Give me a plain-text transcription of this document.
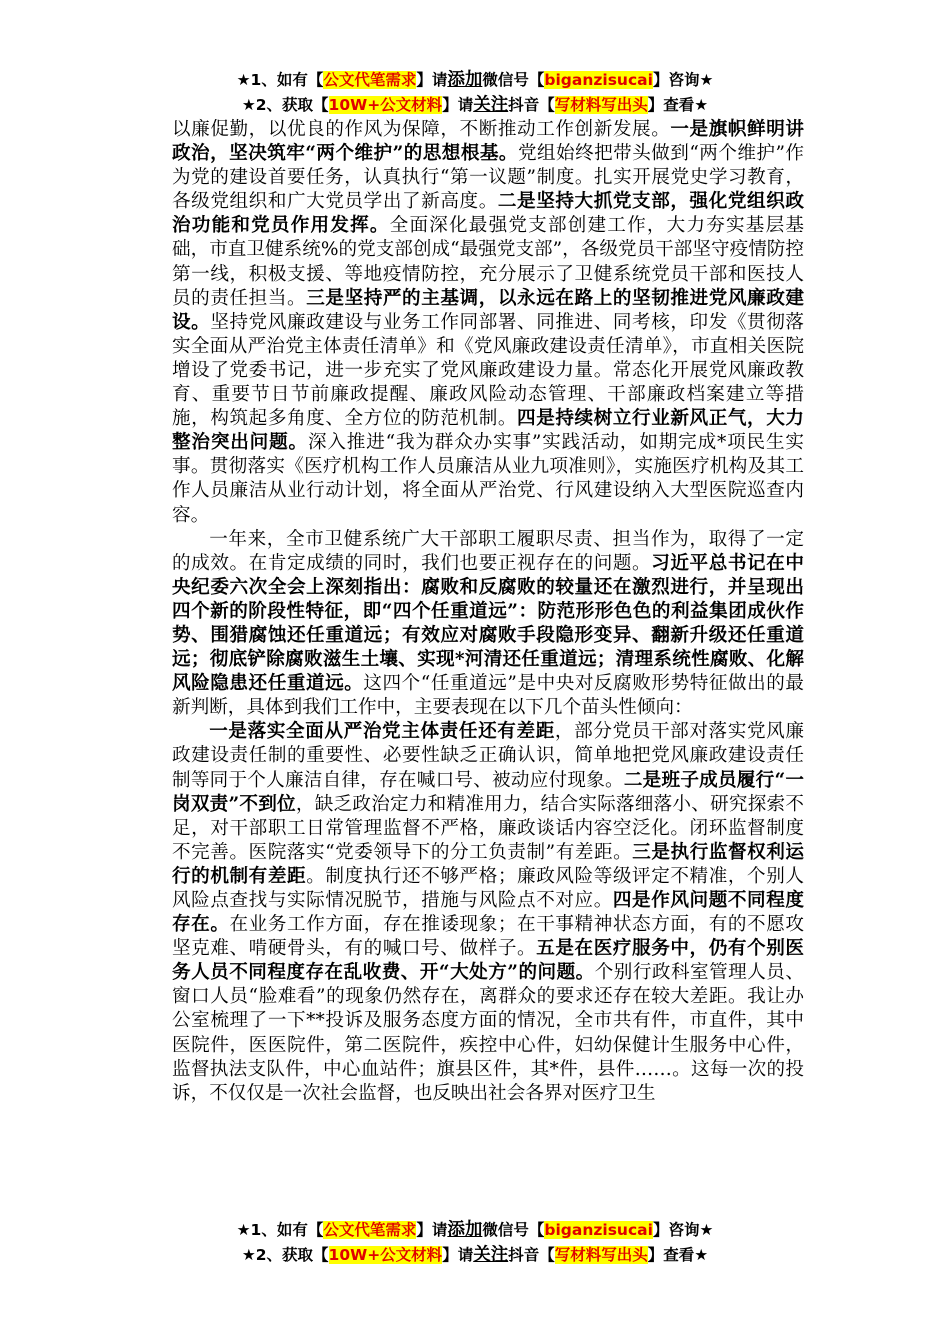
★1、如有【公文代笔需求】请添加微信号【biganzisucai】咨询★
★2、获取【10W+公文材料】请关注抖音【写材料写出头】查看★

以廉促勤，以优良的作风为保障，不断推动工作创新发展。一是旗帜鲜明讲政治，坚决筑牢“两个维护”的思想根基。党组始终把带头做到“两个维护”作为党的建设首要任务，认真执行“第一议题”制度。扎实开展党史学习教育，各级党组织和广大党员学出了新高度。二是坚持大抓党支部，强化党组织政治功能和党员作用发挥。全面深化最强党支部创建工作，大力夯实基层基础，市直卫健系统%的党支部创成“最强党支部”，各级党员干部坚守疫情防控第一线，积极支援、等地疫情防控，充分展示了卫健系统党员干部和医技人员的责任担当。三是坚持严的主基调，以永远在路上的坚韧推进党风廉政建设。坚持党风廉政建设与业务工作同部署、同推进、同考核，印发《贯彻落实全面从严治党主体责任清单》和《党风廉政建设责任清单》，市直相关医院增设了党委书记，进一步充实了党风廉政建设力量。常态化开展党风廉政教育、重要节日节前廉政提醒、廉政风险动态管理、干部廉政档案建立等措施，构筑起多角度、全方位的防范机制。四是持续树立行业新风正气，大力整治突出问题。深入推进“我为群众办实事”实践活动，如期完成*项民生实事。贯彻落实《医疗机构工作人员廉洁从业九项准则》，实施医疗机构及其工作人员廉洁从业行动计划，将全面从严治党、行风建设纳入大型医院巡查内容。

一年来，全市卫健系统广大干部职工履职尽责、担当作为，取得了一定的成效。在肯定成绩的同时，我们也要正视存在的问题。习近平总书记在中央纪委六次全会上深刻指出：腐败和反腐败的较量还在激烈进行，并呈现出四个新的阶段性特征，即“四个任重道远”：防范形形色色的利益集团成伙作势、围猎腐蚀还任重道远；有效应对腐败手段隐形变异、翻新升级还任重道远；彻底铲除腐败滋生土壤、实现*河清还任重道远；清理系统性腐败、化解风险隐患还任重道远。这四个“任重道远”是中央对反腐败形势特征做出的最新判断，具体到我们工作中，主要表现在以下几个苗头性倾向：

一是落实全面从严治党主体责任还有差距，部分党员干部对落实党风廉政建设责任制的重要性、必要性缺乏正确认识，简单地把党风廉政建设责任制等同于个人廉洁自律，存在喊口号、被动应付现象。二是班子成员履行“一岗双责”不到位，缺乏政治定力和精准用力，结合实际落细落小、研究探索不足，对干部职工日常管理监督不严格，廉政谈话内容空泛化。闭环监督制度不完善。医院落实“党委领导下的分工负责制”有差距。三是执行监督权利运行的机制有差距。制度执行还不够严格；廉政风险等级评定不精准，个别人风险点查找与实际情况脱节，措施与风险点不对应。四是作风问题不同程度存在。在业务工作方面，存在推诿现象；在干事精神状态方面，有的不愿攻坚克难、啃硬骨头，有的喊口号、做样子。五是在医疗服务中，仍有个别医务人员不同程度存在乱收费、开“大处方”的问题。个别行政科室管理人员、窗口人员“脸难看”的现象仍然存在，离群众的要求还存在较大差距。我让办公室梳理了一下**投诉及服务态度方面的情况，全市共有件，市直件，其中医院件，医医院件，第二医院件，疾控中心件，妇幼保健计生服务中心件，监督执法支队件，中心血站件；旗县区件，其*件，县件……。这每一次的投诉，不仅仅是一次社会监督，也反映出社会各界对医疗卫生

★1、如有【公文代笔需求】请添加微信号【biganzisucai】咨询★
★2、获取【10W+公文材料】请关注抖音【写材料写出头】查看★
